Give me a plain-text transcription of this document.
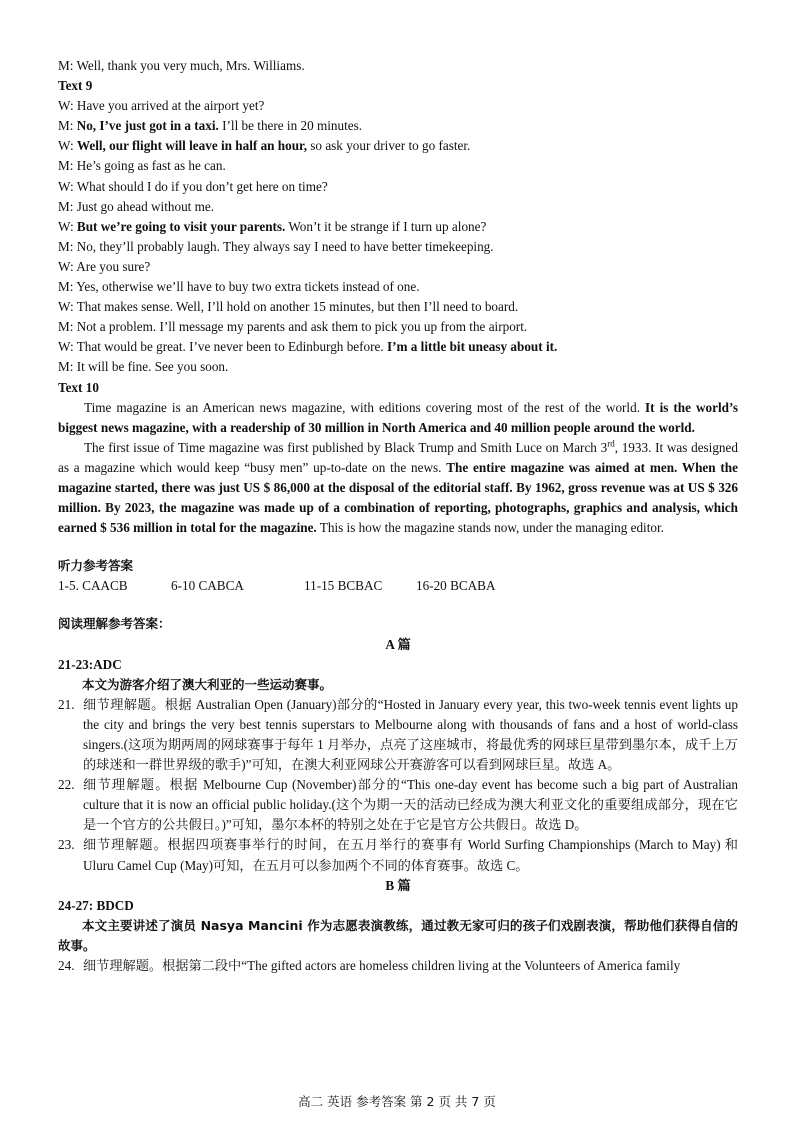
M: Well, thank you very much, Mrs. Williams.
Text 9
W: Have you arrived at the airport yet?
M: No, I’ve just got in a taxi. I’ll be there in 20 minutes.
W: Well, our flight will leave in half an hour, so ask your driver to go faster.
M: He’s going as fast as he can.
W: What should I do if you don’t get here on time?
M: Just go ahead without me.
W: But we’re going to visit your parents. Won’t it be strange if I turn up alone?
M: No, they’ll probably laugh. They always say I need to have better timekeeping.
W: Are you sure?
M: Yes, otherwise we’ll have to buy two extra tickets instead of one.
W: That makes sense. Well, I’ll hold on another 15 minutes, but then I’ll need to board.
M: Not a problem. I’ll message my parents and ask them to pick you up from the airport.
W: That would be great. I’ve never been to Edinburgh before. I’m a little bit uneasy about it.
M: It will be fine. See you soon.
Text 10

Time magazine is an American news magazine, with editions covering most of the rest of the world. It is the world’s biggest news magazine, with a readership of 30 million in North America and 40 million people around the world.

The first issue of Time magazine was first published by Black Trump and Smith Luce on March 3rd, 1933. It was designed as a magazine which would keep “busy men” up-to-date on the news. The entire magazine was aimed at men. When the magazine started, there was just US $ 86,000 at the disposal of the editorial staff. By 1962, gross revenue was at US $ 326 million. By 2023, the magazine was made up of a combination of reporting, photographs, graphics and analysis, which earned $ 536 million in total for the magazine. This is how the magazine stands now, under the managing editor.

听力参考答案
1-5. CAACB	6-10 CABCA	11-15 BCBAC	16-20 BCABA
阅读理解参考答案：
A 篇
21-23:ADC
本文为游客介绍了澳大利亚的一些运动赛事。
21. 细节理解题。根据 Australian Open (January)部分的“Hosted in January every year, this two-week tennis event lights up the city and brings the very best tennis superstars to Melbourne along with thousands of fans and a host of world-class singers.(这项为期两周的网球赛事于每年 1 月举办，点亮了这座城市，将最优秀的网球巨星带到墨尔本，成千上万的球迷和一群世界级的歌手)”可知，在澳大利亚网球公开赛游客可以看到网球巨星。故选 A。
22. 细节理解题。根据 Melbourne Cup (November)部分的“This one-day event has become such a big part of Australian culture that it is now an official public holiday.(这个为期一天的活动已经成为澳大利亚文化的重要组成部分，现在它是一个官方的公共假日。)”可知，墨尔本杯的特别之处在于它是官方公共假日。故选 D。
23. 细节理解题。根据四项赛事举行的时间，在五月举行的赛事有 World Surfing Championships (March to May) 和 Uluru Camel Cup (May)可知，在五月可以参加两个不同的体育赛事。故选 C。
B 篇
24-27: BDCD
本文主要讲述了演员 Nasya Mancini 作为志愿表演教练，通过教无家可归的孩子们戏剧表演，帮助他们获得自信的故事。
24. 细节理解题。根据第二段中“The gifted actors are homeless children living at the Volunteers of America family
高二 英语 参考答案 第 2 页 共 7 页
